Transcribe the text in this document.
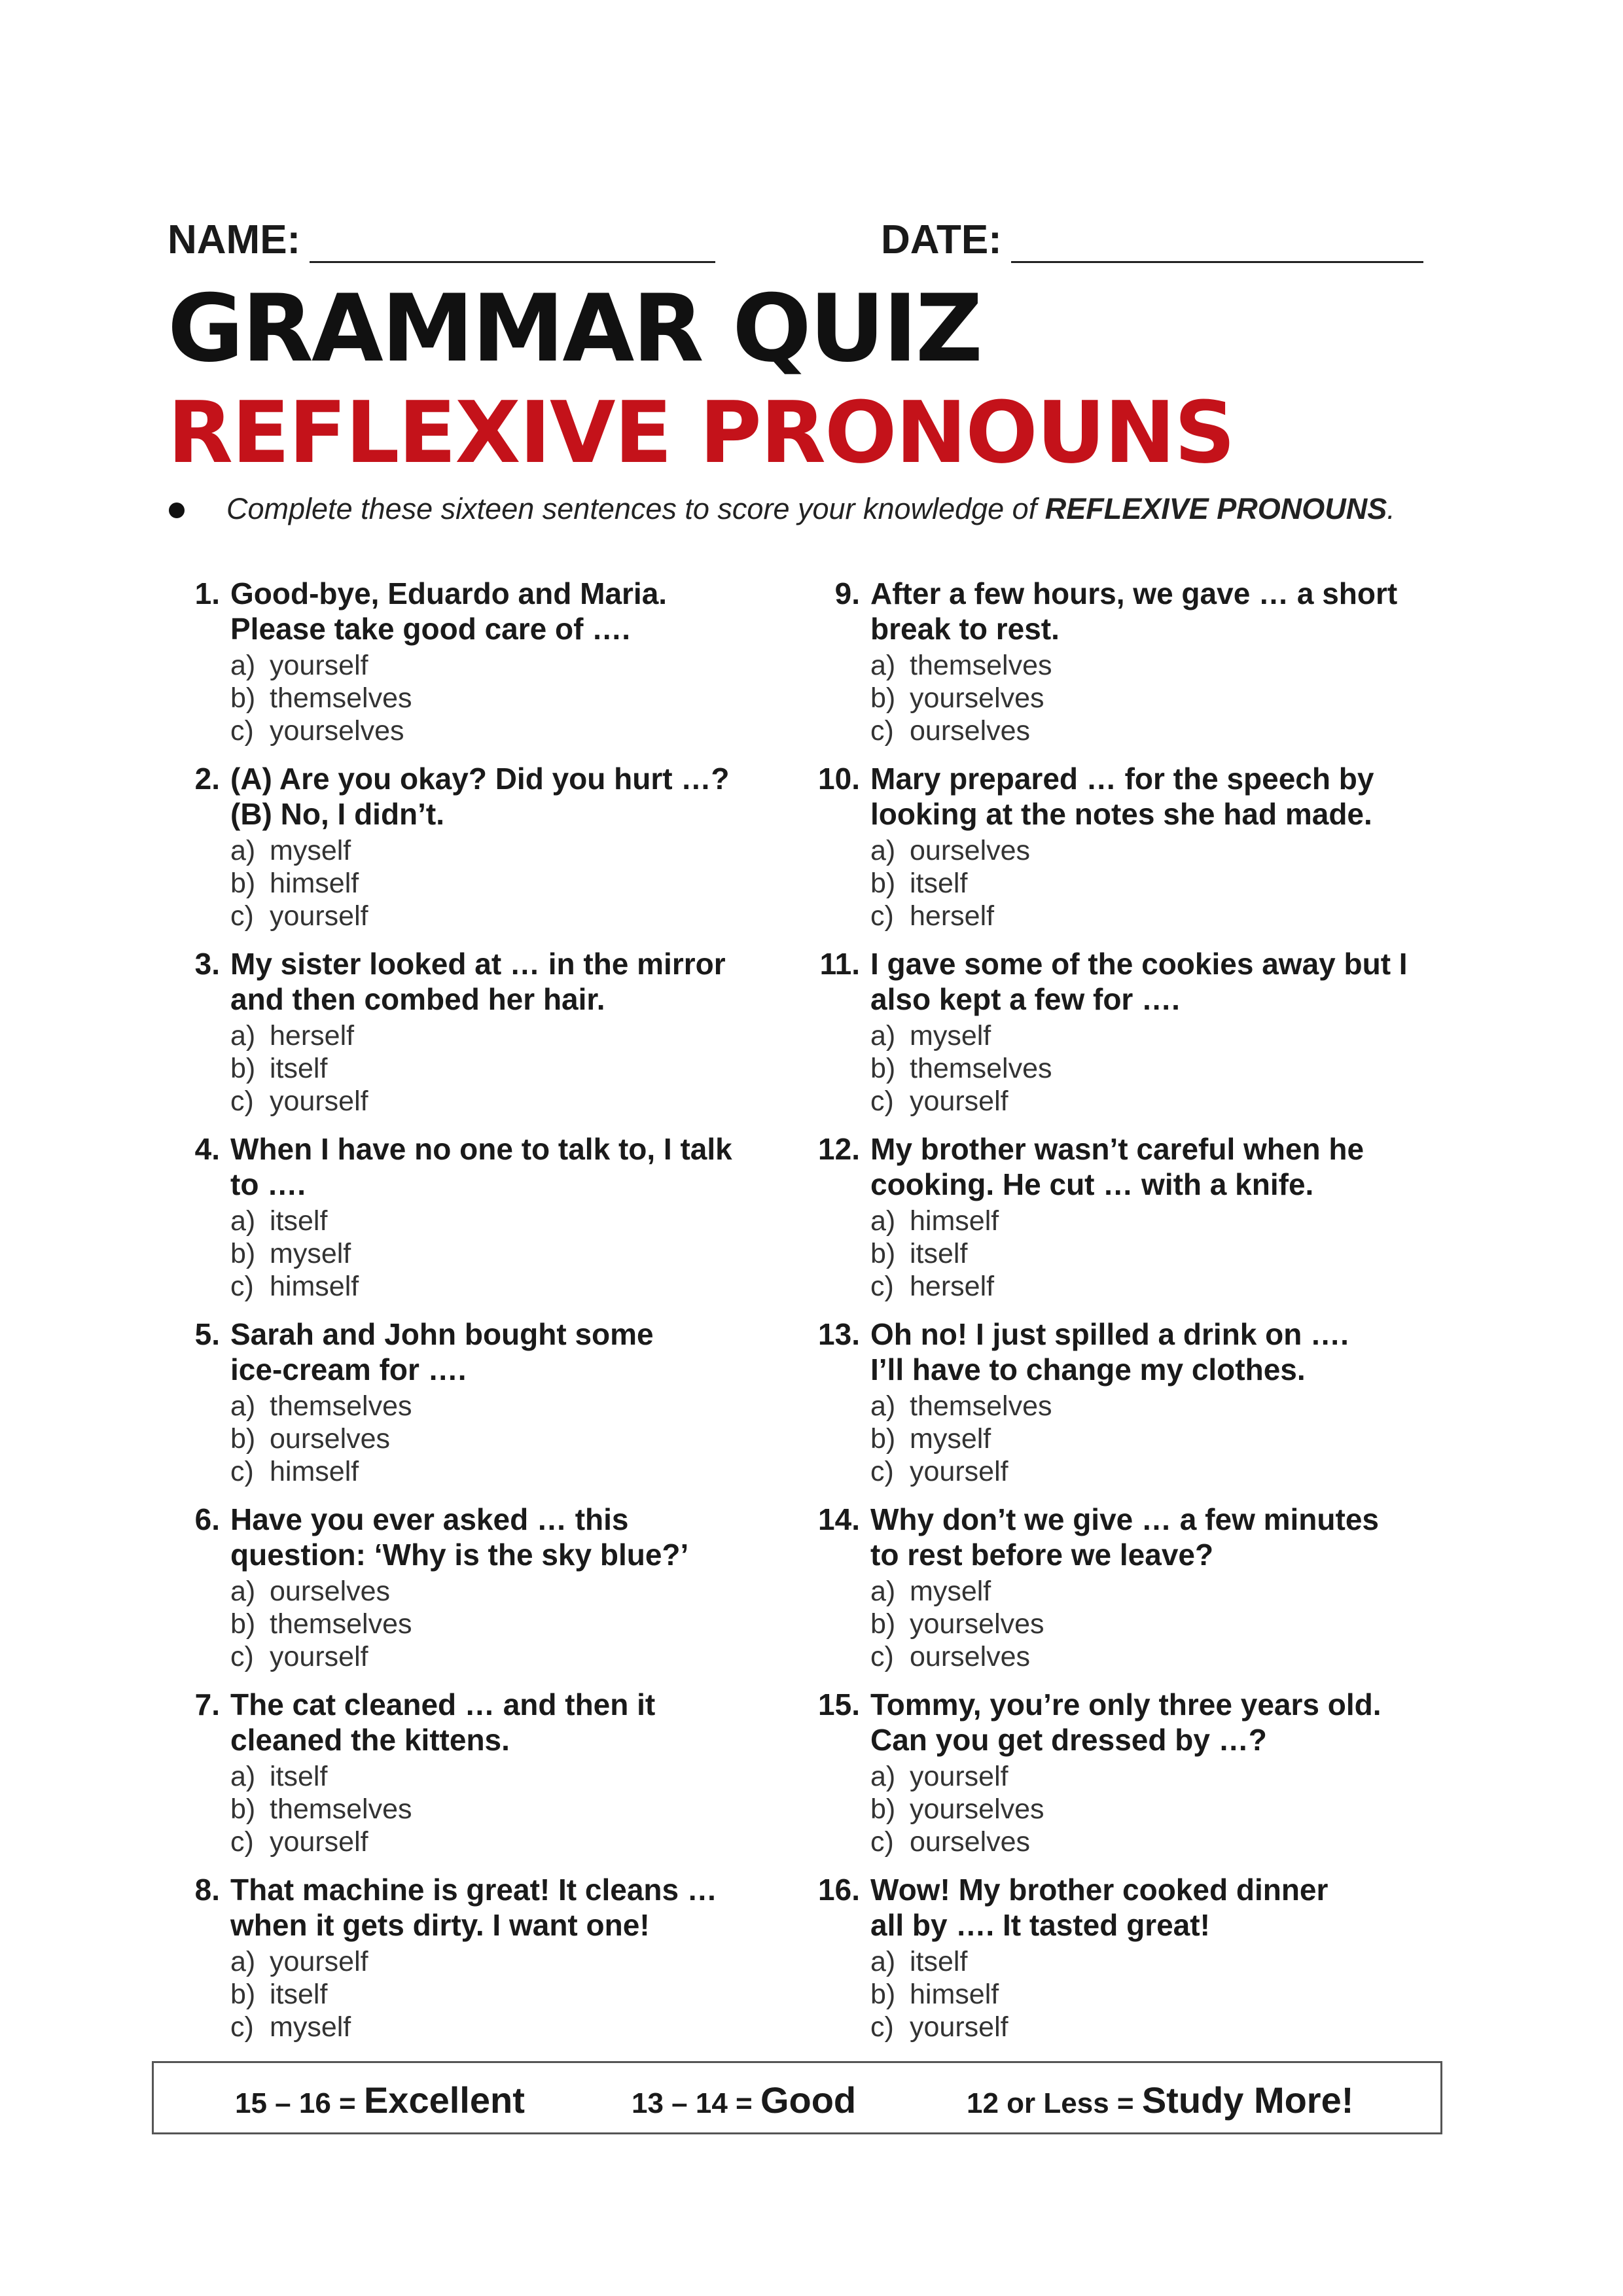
NAME:	DATE:
GRAMMAR QUIZ
REFLEXIVE PRONOUNS
Complete these sixteen sentences to score your knowledge of REFLEXIVE PRONOUNS.
1. Good-bye, Eduardo and Maria.
Please take good care of ….
a) yourself
b) themselves
c) yourselves
2. (A) Are you okay? Did you hurt …?
(B) No, I didn’t.
a) myself
b) himself
c) yourself
3. My sister looked at … in the mirror
and then combed her hair.
a) herself
b) itself
c) yourself
4. When I have no one to talk to, I talk
to ….
a) itself
b) myself
c) himself
5. Sarah and John bought some
ice-cream for ….
a) themselves
b) ourselves
c) himself
6. Have you ever asked … this
question: ‘Why is the sky blue?’
a) ourselves
b) themselves
c) yourself
7. The cat cleaned … and then it
cleaned the kittens.
a) itself
b) themselves
c) yourself
8. That machine is great! It cleans …
when it gets dirty. I want one!
a) yourself
b) itself
c) myself
9. After a few hours, we gave … a short
break to rest.
a) themselves
b) yourselves
c) ourselves
10. Mary prepared … for the speech by
looking at the notes she had made.
a) ourselves
b) itself
c) herself
11. I gave some of the cookies away but I
also kept a few for ….
a) myself
b) themselves
c) yourself
12. My brother wasn’t careful when he
cooking. He cut … with a knife.
a) himself
b) itself
c) herself
13. Oh no! I just spilled a drink on ….
I’ll have to change my clothes.
a) themselves
b) myself
c) yourself
14. Why don’t we give … a few minutes
to rest before we leave?
a) myself
b) yourselves
c) ourselves
15. Tommy, you’re only three years old.
Can you get dressed by …?
a) yourself
b) yourselves
c) ourselves
16. Wow! My brother cooked dinner
all by …. It tasted great!
a) itself
b) himself
c) yourself
15 – 16 = Excellent	13 – 14 = Good	12 or Less = Study More!
